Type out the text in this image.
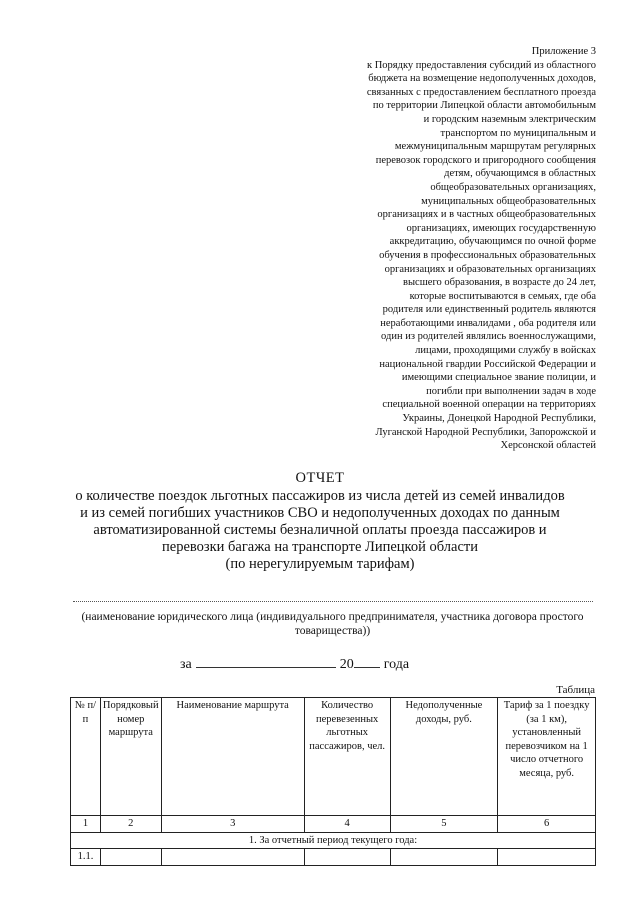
Приложение 3
к Порядку предоставления субсидий из областного
бюджета на возмещение недополученных доходов,
связанных с предоставлением бесплатного проезда
по территории Липецкой области автомобильным
и городским наземным электрическим
транспортом по муниципальным и
межмуниципальным маршрутам регулярных
перевозок городского и пригородного сообщения
детям, обучающимся в областных
общеобразовательных организациях,
муниципальных общеобразовательных
организациях и в частных общеобразовательных
организациях, имеющих государственную
аккредитацию, обучающимся по очной форме
обучения в профессиональных образовательных
организациях и образовательных организациях
высшего образования, в возрасте до 24 лет,
которые воспитываются в семьях, где оба
родителя или единственный родитель являются
неработающими инвалидами , оба родителя или
один из родителей являлись военнослужащими,
лицами, проходящими службу в войсках
национальной гвардии Российской Федерации и
имеющими специальное звание полиции, и
погибли при выполнении задач в ходе
специальной военной операции на территориях
Украины, Донецкой Народной Республики,
Луганской Народной Республики, Запорожской и
Херсонской областей
ОТЧЕТ
о количестве поездок льготных пассажиров из числа детей из семей инвалидов
и из семей погибших участников СВО и недополученных доходах по данным
автоматизированной системы безналичной оплаты проезда пассажиров и
перевозки багажа на транспорте Липецкой области
(по нерегулируемым тарифам)
(наименование юридического лица (индивидуального предпринимателя, участника договора простого товарищества))
за	20 года
Таблица
№ п/п	Порядковый номер маршрута	Наименование маршрута	Количество перевезенных льготных пассажиров, чел.	Недополученные доходы, руб.	Тариф за 1 поездку (за 1 км), установленный перевозчиком на 1 число отчетного месяца, руб.
1	2	3	4	5	6
1. За отчетный период текущего года:					
1.1.					
